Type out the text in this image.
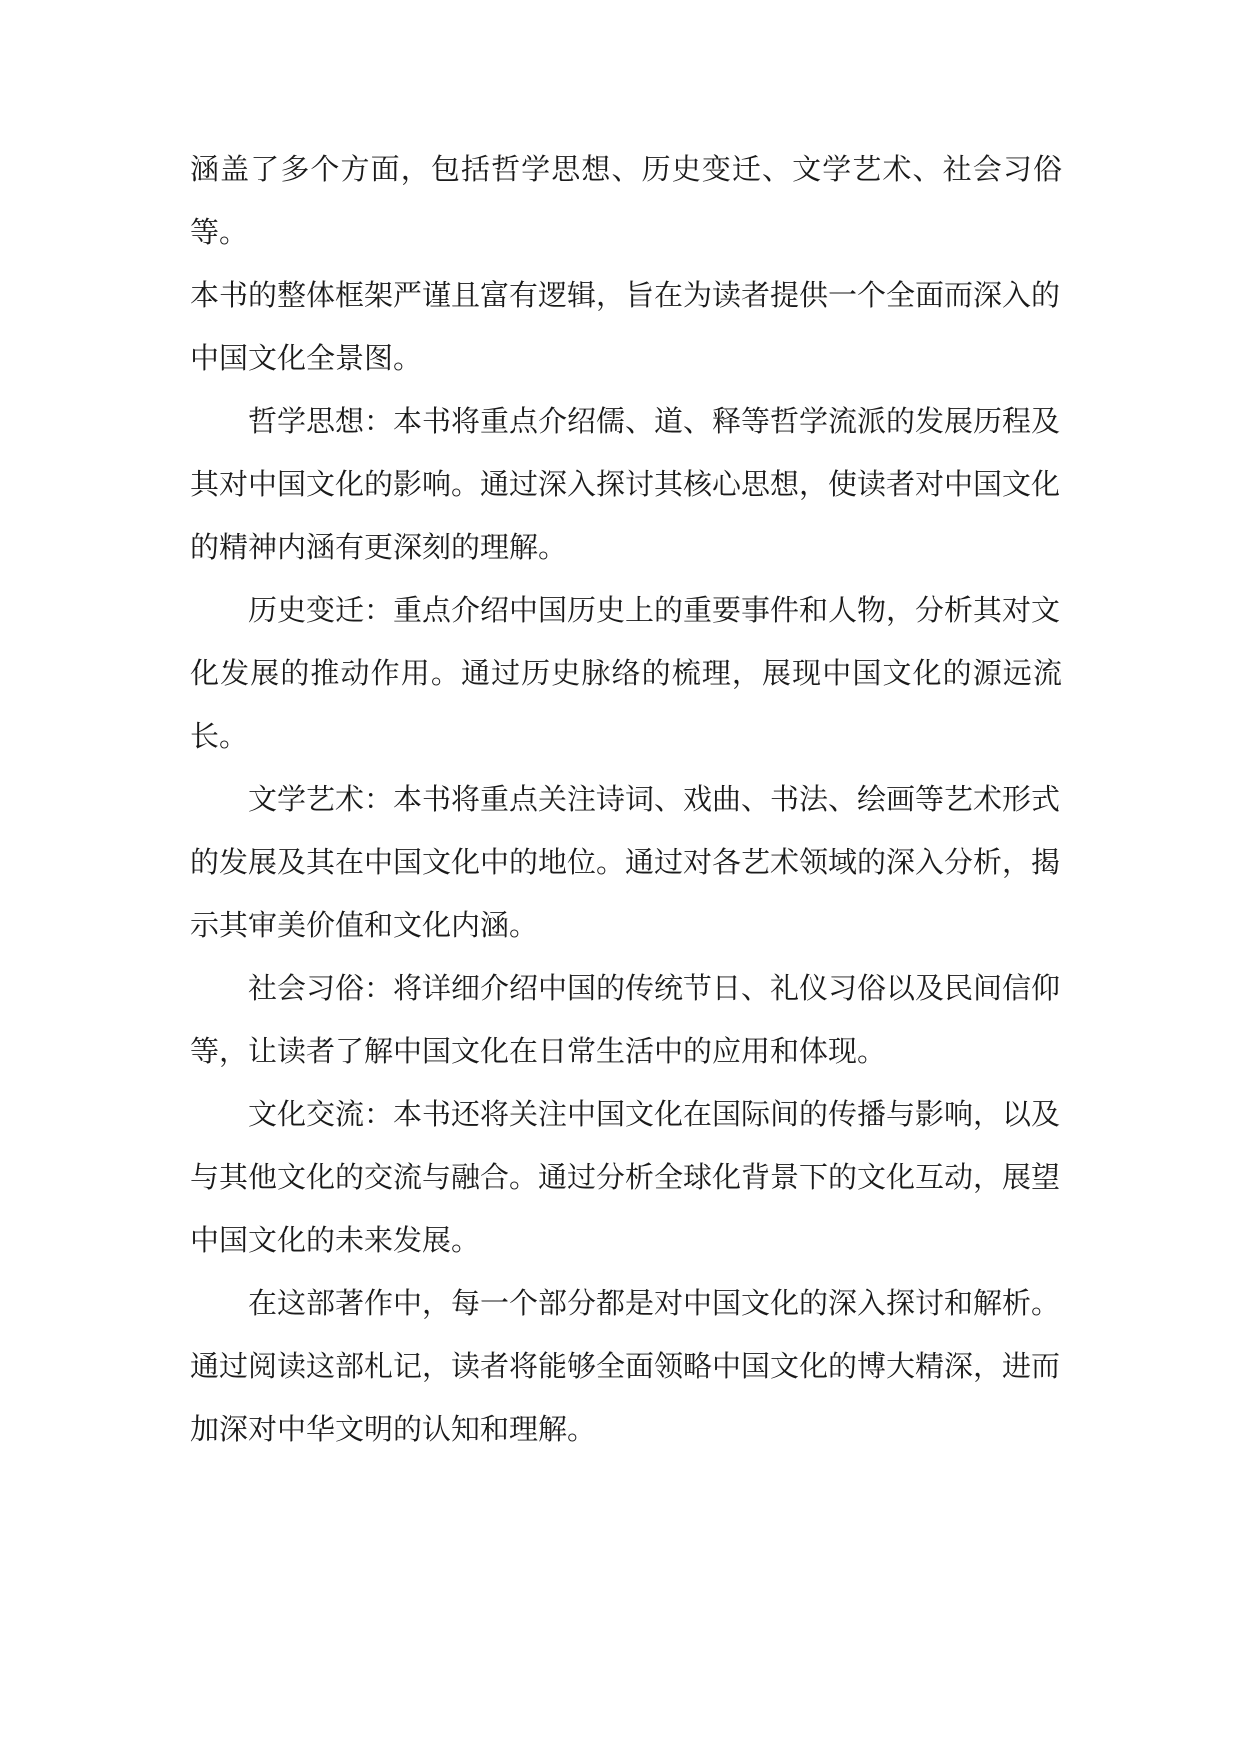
涵盖了多个方面，包括哲学思想、历史变迁、文学艺术、社会习俗等。
本书的整体框架严谨且富有逻辑，旨在为读者提供一个全面而深入的
中国文化全景图。
哲学思想：本书将重点介绍儒、道、释等哲学流派的发展历程及
其对中国文化的影响。通过深入探讨其核心思想，使读者对中国文化
的精神内涵有更深刻的理解。
历史变迁：重点介绍中国历史上的重要事件和人物，分析其对文
化发展的推动作用。通过历史脉络的梳理，展现中国文化的源远流长。
文学艺术：本书将重点关注诗词、戏曲、书法、绘画等艺术形式
的发展及其在中国文化中的地位。通过对各艺术领域的深入分析，揭
示其审美价值和文化内涵。
社会习俗：将详细介绍中国的传统节日、礼仪习俗以及民间信仰
等，让读者了解中国文化在日常生活中的应用和体现。
文化交流：本书还将关注中国文化在国际间的传播与影响，以及
与其他文化的交流与融合。通过分析全球化背景下的文化互动，展望
中国文化的未来发展。
在这部著作中，每一个部分都是对中国文化的深入探讨和解析。
通过阅读这部札记，读者将能够全面领略中国文化的博大精深，进而
加深对中华文明的认知和理解。
